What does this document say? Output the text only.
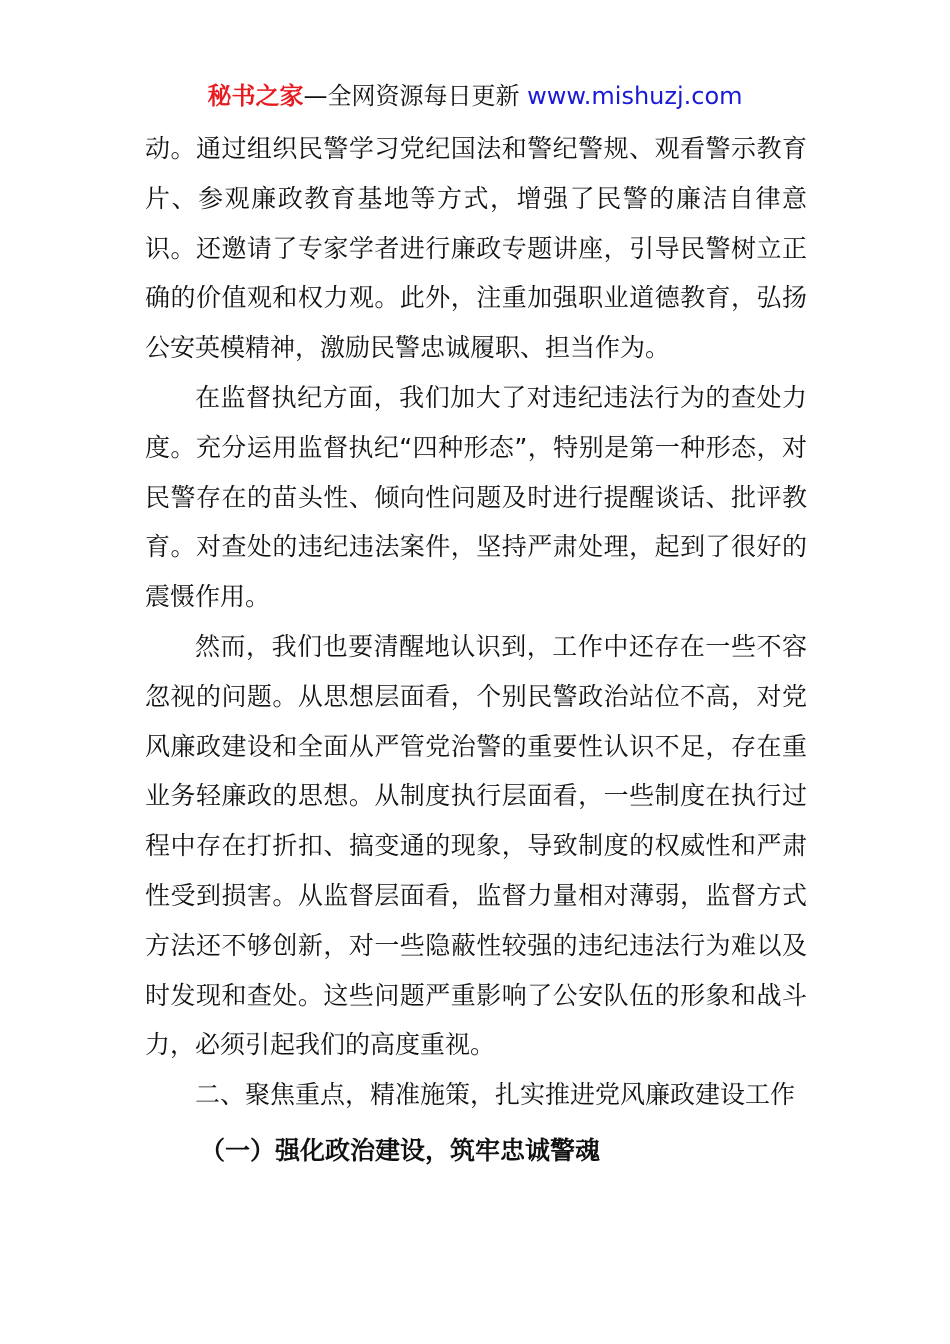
秘书之家—全网资源每日更新 www.mishuzj.com

动。通过组织民警学习党纪国法和警纪警规、观看警示教育片、参观廉政教育基地等方式，增强了民警的廉洁自律意识。还邀请了专家学者进行廉政专题讲座，引导民警树立正确的价值观和权力观。此外，注重加强职业道德教育，弘扬公安英模精神，激励民警忠诚履职、担当作为。

在监督执纪方面，我们加大了对违纪违法行为的查处力度。充分运用监督执纪“四种形态”，特别是第一种形态，对民警存在的苗头性、倾向性问题及时进行提醒谈话、批评教育。对查处的违纪违法案件，坚持严肃处理，起到了很好的震慑作用。

然而，我们也要清醒地认识到，工作中还存在一些不容忽视的问题。从思想层面看，个别民警政治站位不高，对党风廉政建设和全面从严管党治警的重要性认识不足，存在重业务轻廉政的思想。从制度执行层面看，一些制度在执行过程中存在打折扣、搞变通的现象，导致制度的权威性和严肃性受到损害。从监督层面看，监督力量相对薄弱，监督方式方法还不够创新，对一些隐蔽性较强的违纪违法行为难以及时发现和查处。这些问题严重影响了公安队伍的形象和战斗力，必须引起我们的高度重视。

二、聚焦重点，精准施策，扎实推进党风廉政建设工作

（一）强化政治建设，筑牢忠诚警魂
